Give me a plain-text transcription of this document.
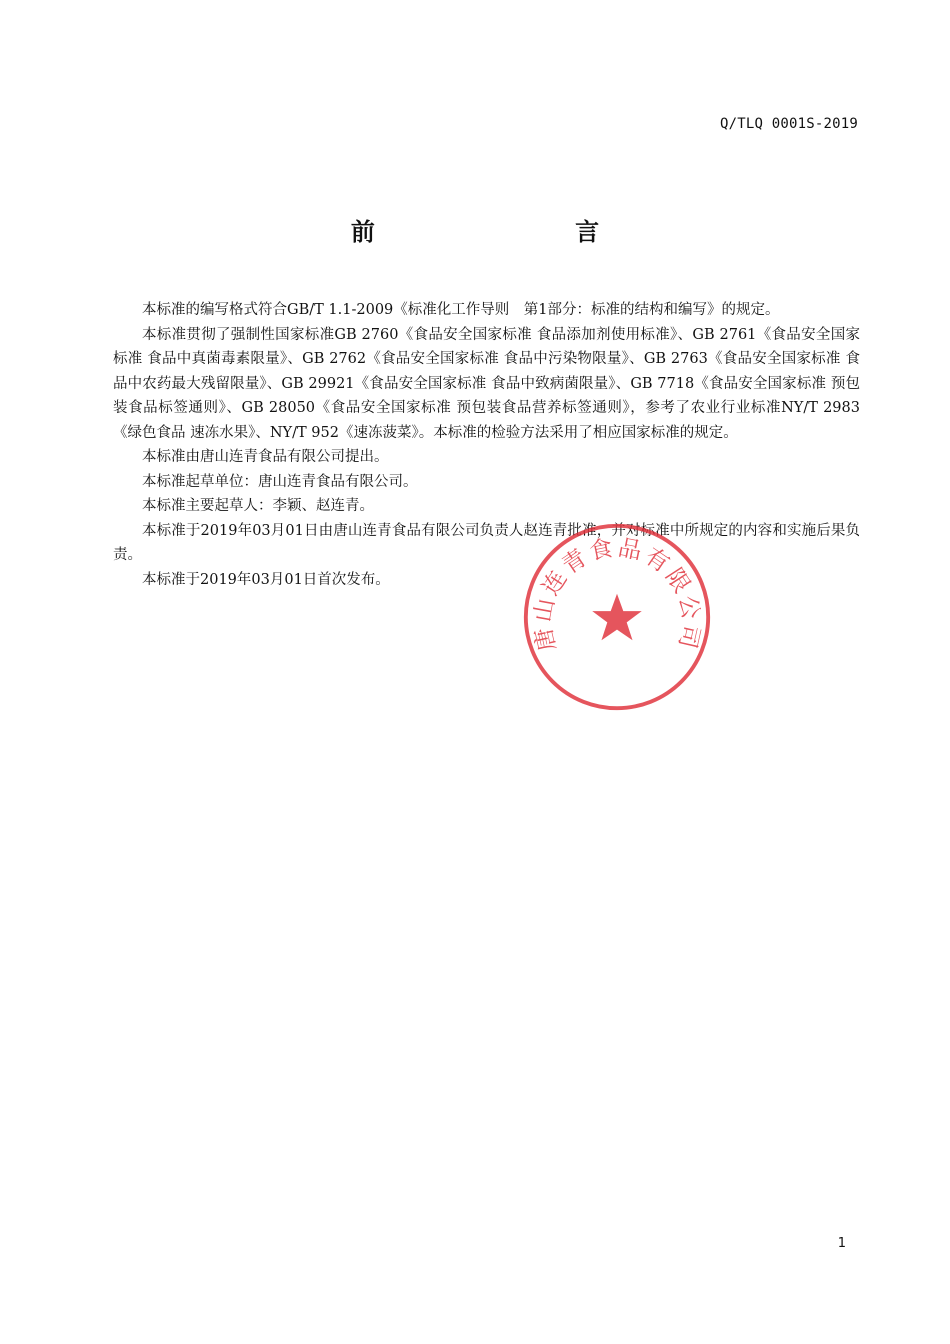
Q/TLQ 0001S-2019
前 言

本标准的编写格式符合GB/T 1.1-2009《标准化工作导则　第1部分：标准的结构和编写》的规定。

本标准贯彻了强制性国家标准GB 2760《食品安全国家标准 食品添加剂使用标准》、GB 2761《食品安全国家标准 食品中真菌毒素限量》、GB 2762《食品安全国家标准 食品中污染物限量》、GB 2763《食品安全国家标准 食品中农药最大残留限量》、GB 29921《食品安全国家标准 食品中致病菌限量》、GB 7718《食品安全国家标准 预包装食品标签通则》、GB 28050《食品安全国家标准 预包装食品营养标签通则》，参考了农业行业标准NY/T 2983《绿色食品 速冻水果》、NY/T 952《速冻菠菜》。本标准的检验方法采用了相应国家标准的规定。

本标准由唐山连青食品有限公司提出。

本标准起草单位：唐山连青食品有限公司。

本标准主要起草人：李颖、赵连青。

本标准于2019年03月01日由唐山连青食品有限公司负责人赵连青批准，并对标准中所规定的内容和实施后果负责。

本标准于2019年03月01日首次发布。

唐山连青食品有限公司
1
